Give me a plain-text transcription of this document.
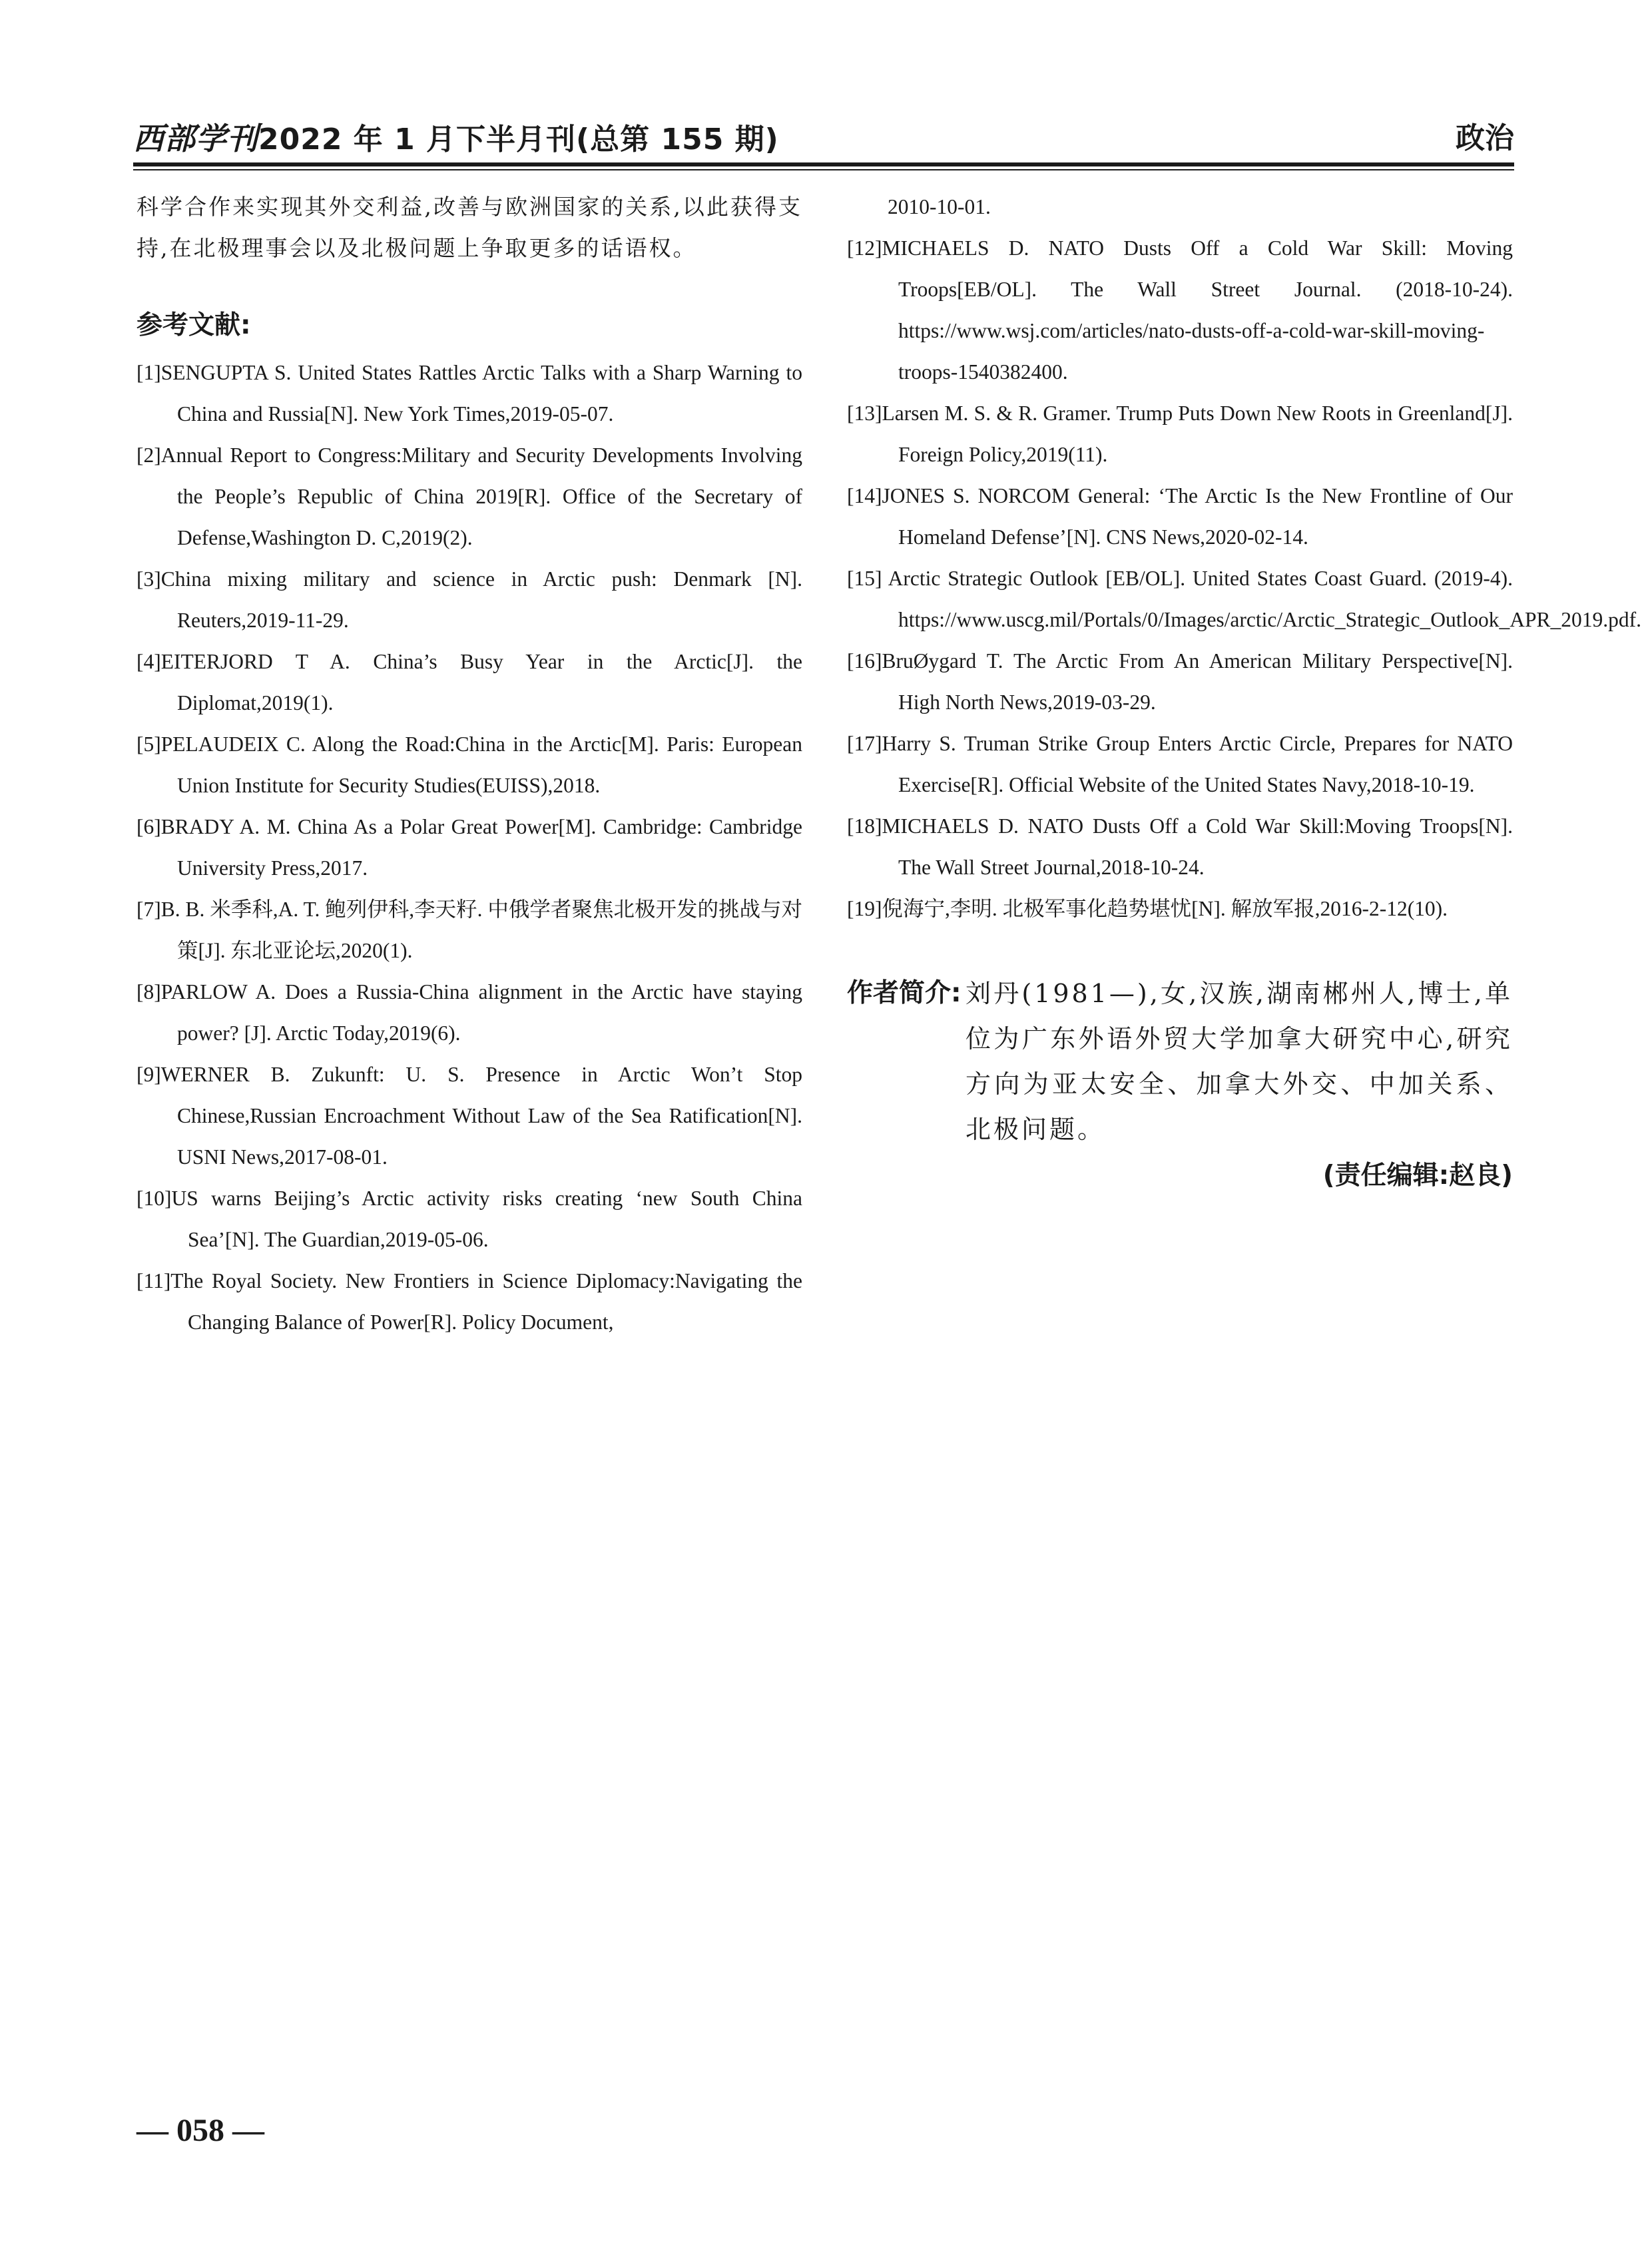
西部学刊2022 年 1 月下半月刊(总第 155 期)	政治

科学合作来实现其外交利益,改善与欧洲国家的关系,以此获得支持,在北极理事会以及北极问题上争取更多的话语权。

参考文献:

[1]SENGUPTA S. United States Rattles Arctic Talks with a Sharp Warning to China and Russia[N]. New York Times,2019-05-07.

[2]Annual Report to Congress:Military and Security Developments Involving the People’s Republic of China 2019[R]. Office of the Secretary of Defense,Washington D. C,2019(2).

[3]China mixing military and science in Arctic push: Denmark [N]. Reuters,2019-11-29.

[4]EITERJORD T A. China’s Busy Year in the Arctic[J]. the Diplomat,2019(1).

[5]PELAUDEIX C. Along the Road:China in the Arctic[M]. Paris: European Union Institute for Security Studies(EUISS),2018.

[6]BRADY A. M. China As a Polar Great Power[M]. Cambridge: Cambridge University Press,2017.

[7]B. B. 米季科,A. T. 鲍列伊科,李天籽. 中俄学者聚焦北极开发的挑战与对策[J]. 东北亚论坛,2020(1).

[8]PARLOW A. Does a Russia-China alignment in the Arctic have staying power? [J]. Arctic Today,2019(6).

[9]WERNER B. Zukunft: U. S. Presence in Arctic Won’t Stop Chinese,Russian Encroachment Without Law of the Sea Ratification[N]. USNI News,2017-08-01.

[10]US warns Beijing’s Arctic activity risks creating ‘new South China Sea’[N]. The Guardian,2019-05-06.

[11]The Royal Society. New Frontiers in Science Diplomacy:Navigating the Changing Balance of Power[R]. Policy Document,

2010-10-01.

[12]MICHAELS D. NATO Dusts Off a Cold War Skill: Moving Troops[EB/OL]. The Wall Street Journal. (2018-10-24). https://www.wsj.com/articles/nato-dusts-off-a-cold-war-skill-moving-troops-1540382400.

[13]Larsen M. S. & R. Gramer. Trump Puts Down New Roots in Greenland[J]. Foreign Policy,2019(11).

[14]JONES S. NORCOM General: ‘The Arctic Is the New Frontline of Our Homeland Defense’[N]. CNS News,2020-02-14.

[15] Arctic Strategic Outlook [EB/OL]. United States Coast Guard. (2019-4). https://www.uscg.mil/Portals/0/Images/arctic/Arctic_Strategic_Outlook_APR_2019.pdf.

[16]BruØygard T. The Arctic From An American Military Perspective[N]. High North News,2019-03-29.

[17]Harry S. Truman Strike Group Enters Arctic Circle, Prepares for NATO Exercise[R]. Official Website of the United States Navy,2018-10-19.

[18]MICHAELS D. NATO Dusts Off a Cold War Skill:Moving Troops[N]. The Wall Street Journal,2018-10-24.

[19]倪海宁,李明. 北极军事化趋势堪忧[N]. 解放军报,2016-2-12(10).

作者简介: 刘丹(1981—),女,汉族,湖南郴州人,博士,单位为广东外语外贸大学加拿大研究中心,研究方向为亚太安全、加拿大外交、中加关系、北极问题。
(责任编辑:赵良)
— 058 —
